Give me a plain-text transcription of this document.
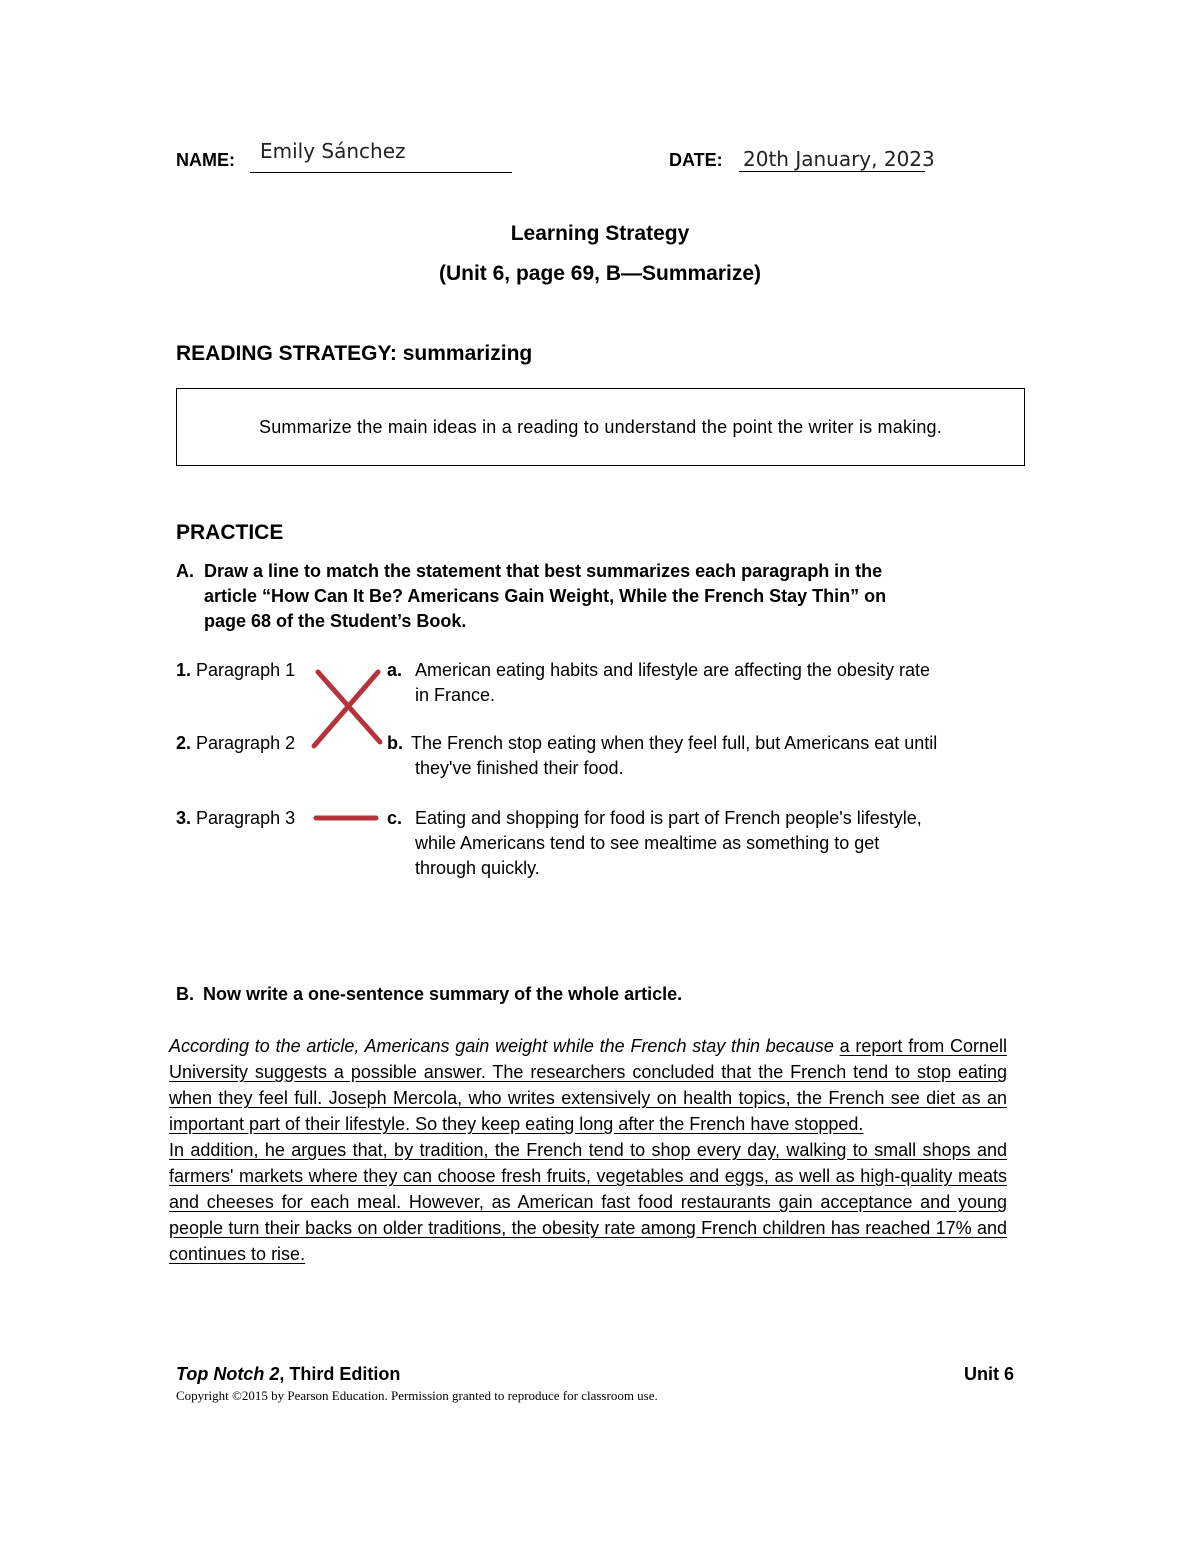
NAME: Emily Sánchez	DATE: 20th January, 2023
Learning Strategy
(Unit 6, page 69, B—Summarize)
READING STRATEGY: summarizing
Summarize the main ideas in a reading to understand the point the writer is making.
PRACTICE
A. Draw a line to match the statement that best summarizes each paragraph in the
article “How Can It Be? Americans Gain Weight, While the French Stay Thin” on
page 68 of the Student’s Book.
1. Paragraph 1
2. Paragraph 2
3. Paragraph 3
a. American eating habits and lifestyle are affecting the obesity rate
in France.
b. The French stop eating when they feel full, but Americans eat until
they've finished their food.
c. Eating and shopping for food is part of French people's lifestyle,
while Americans tend to see mealtime as something to get
through quickly.
B. Now write a one-sentence summary of the whole article.
According to the article, Americans gain weight while the French stay thin because a report from Cornell University suggests a possible answer. The researchers concluded that the French tend to stop eating when they feel full. Joseph Mercola, who writes extensively on health topics, the French see diet as an important part of their lifestyle. So they keep eating long after the French have stopped.
In addition, he argues that, by tradition, the French tend to shop every day, walking to small shops and farmers' markets where they can choose fresh fruits, vegetables and eggs, as well as high-quality meats and cheeses for each meal. However, as American fast food restaurants gain acceptance and young people turn their backs on older traditions, the obesity rate among French children has reached 17% and continues to rise.
Top Notch 2, Third Edition	Unit 6
Copyright ©2015 by Pearson Education. Permission granted to reproduce for classroom use.
